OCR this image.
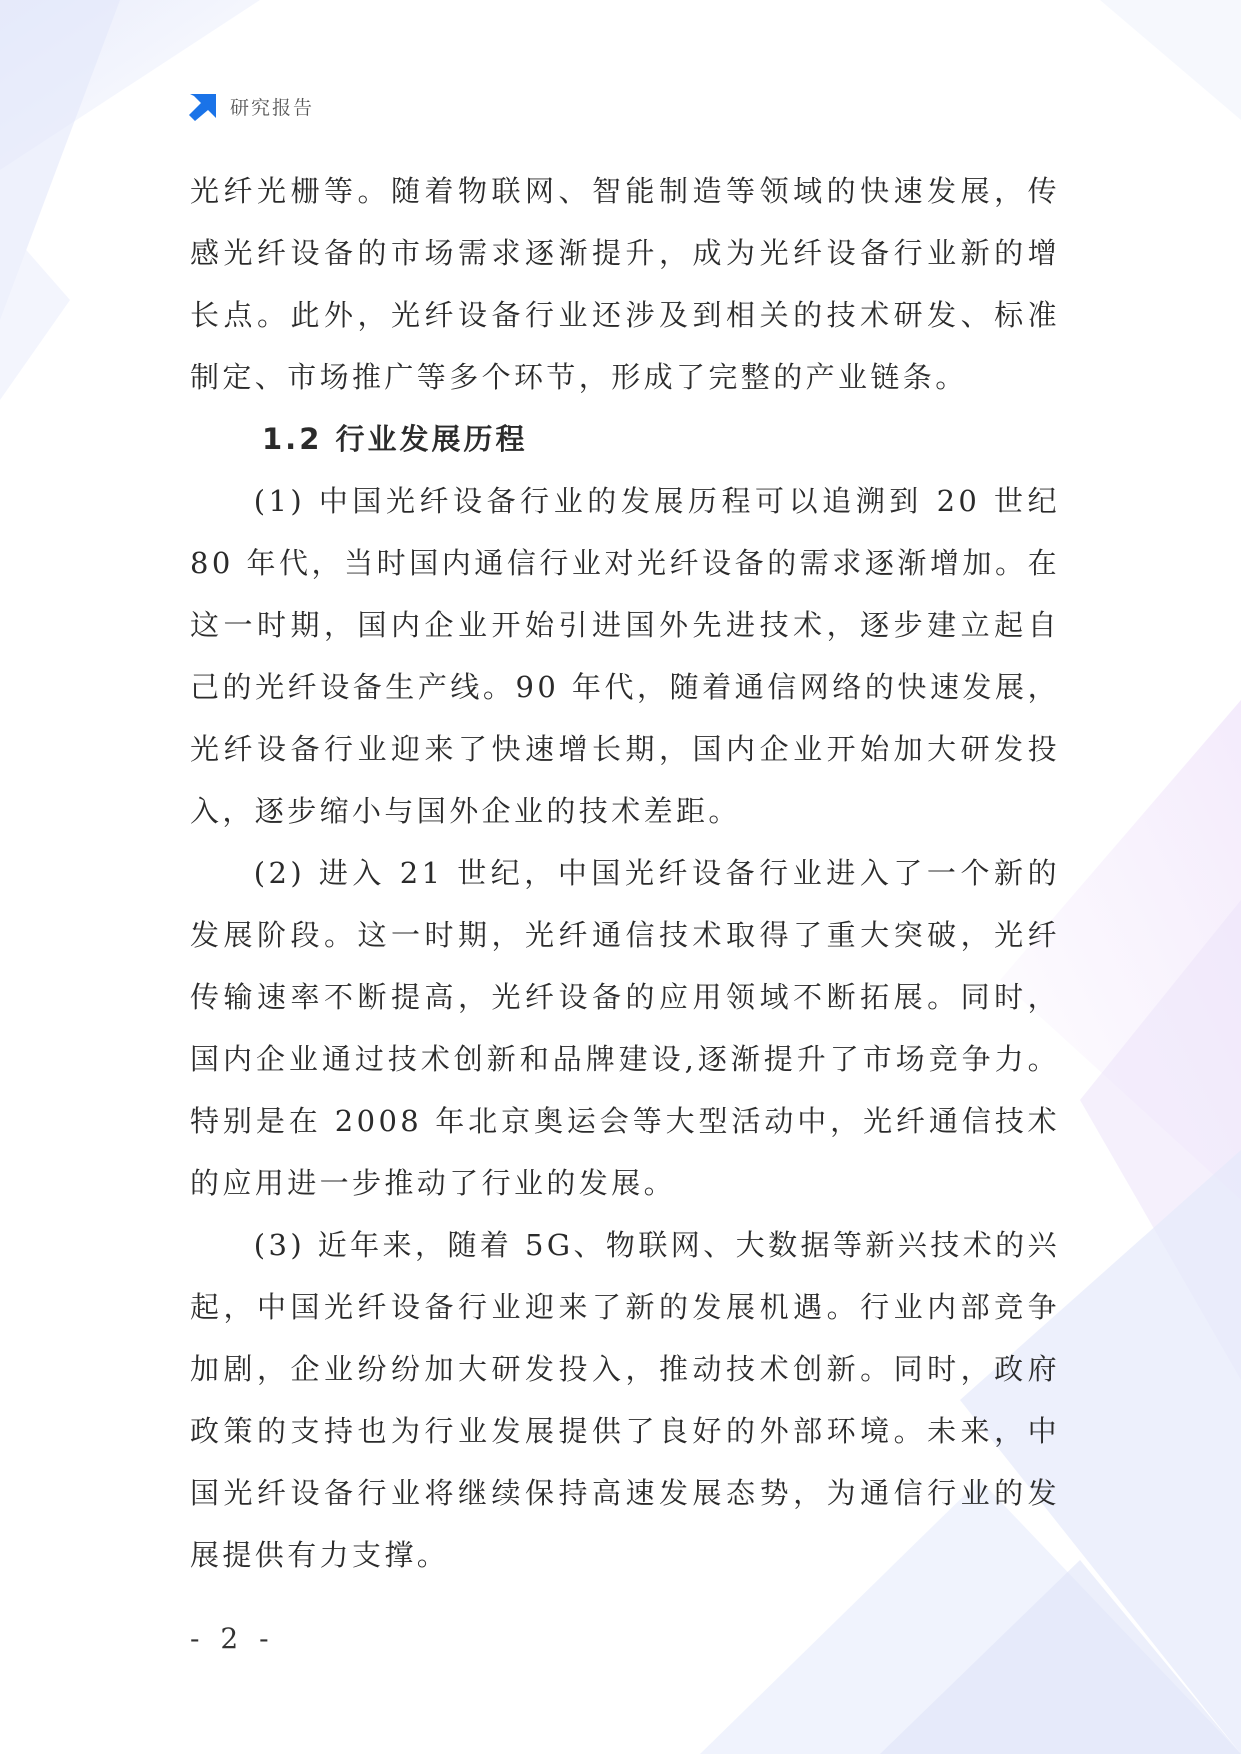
研究报告

光纤光栅等。随着物联网、智能制造等领域的快速发展，传感光纤设备的市场需求逐渐提升，成为光纤设备行业新的增长点。此外，光纤设备行业还涉及到相关的技术研发、标准制定、市场推广等多个环节，形成了完整的产业链条。

1.2 行业发展历程

(1) 中国光纤设备行业的发展历程可以追溯到 20 世纪 80 年代，当时国内通信行业对光纤设备的需求逐渐增加。在这一时期，国内企业开始引进国外先进技术，逐步建立起自己的光纤设备生产线。90 年代，随着通信网络的快速发展，光纤设备行业迎来了快速增长期，国内企业开始加大研发投入，逐步缩小与国外企业的技术差距。

(2) 进入 21 世纪，中国光纤设备行业进入了一个新的发展阶段。这一时期，光纤通信技术取得了重大突破，光纤传输速率不断提高，光纤设备的应用领域不断拓展。同时，国内企业通过技术创新和品牌建设,逐渐提升了市场竞争力。特别是在 2008 年北京奥运会等大型活动中，光纤通信技术的应用进一步推动了行业的发展。

(3) 近年来，随着 5G、物联网、大数据等新兴技术的兴起，中国光纤设备行业迎来了新的发展机遇。行业内部竞争加剧，企业纷纷加大研发投入，推动技术创新。同时，政府政策的支持也为行业发展提供了良好的外部环境。未来，中国光纤设备行业将继续保持高速发展态势，为通信行业的发展提供有力支撑。

- 2 -
